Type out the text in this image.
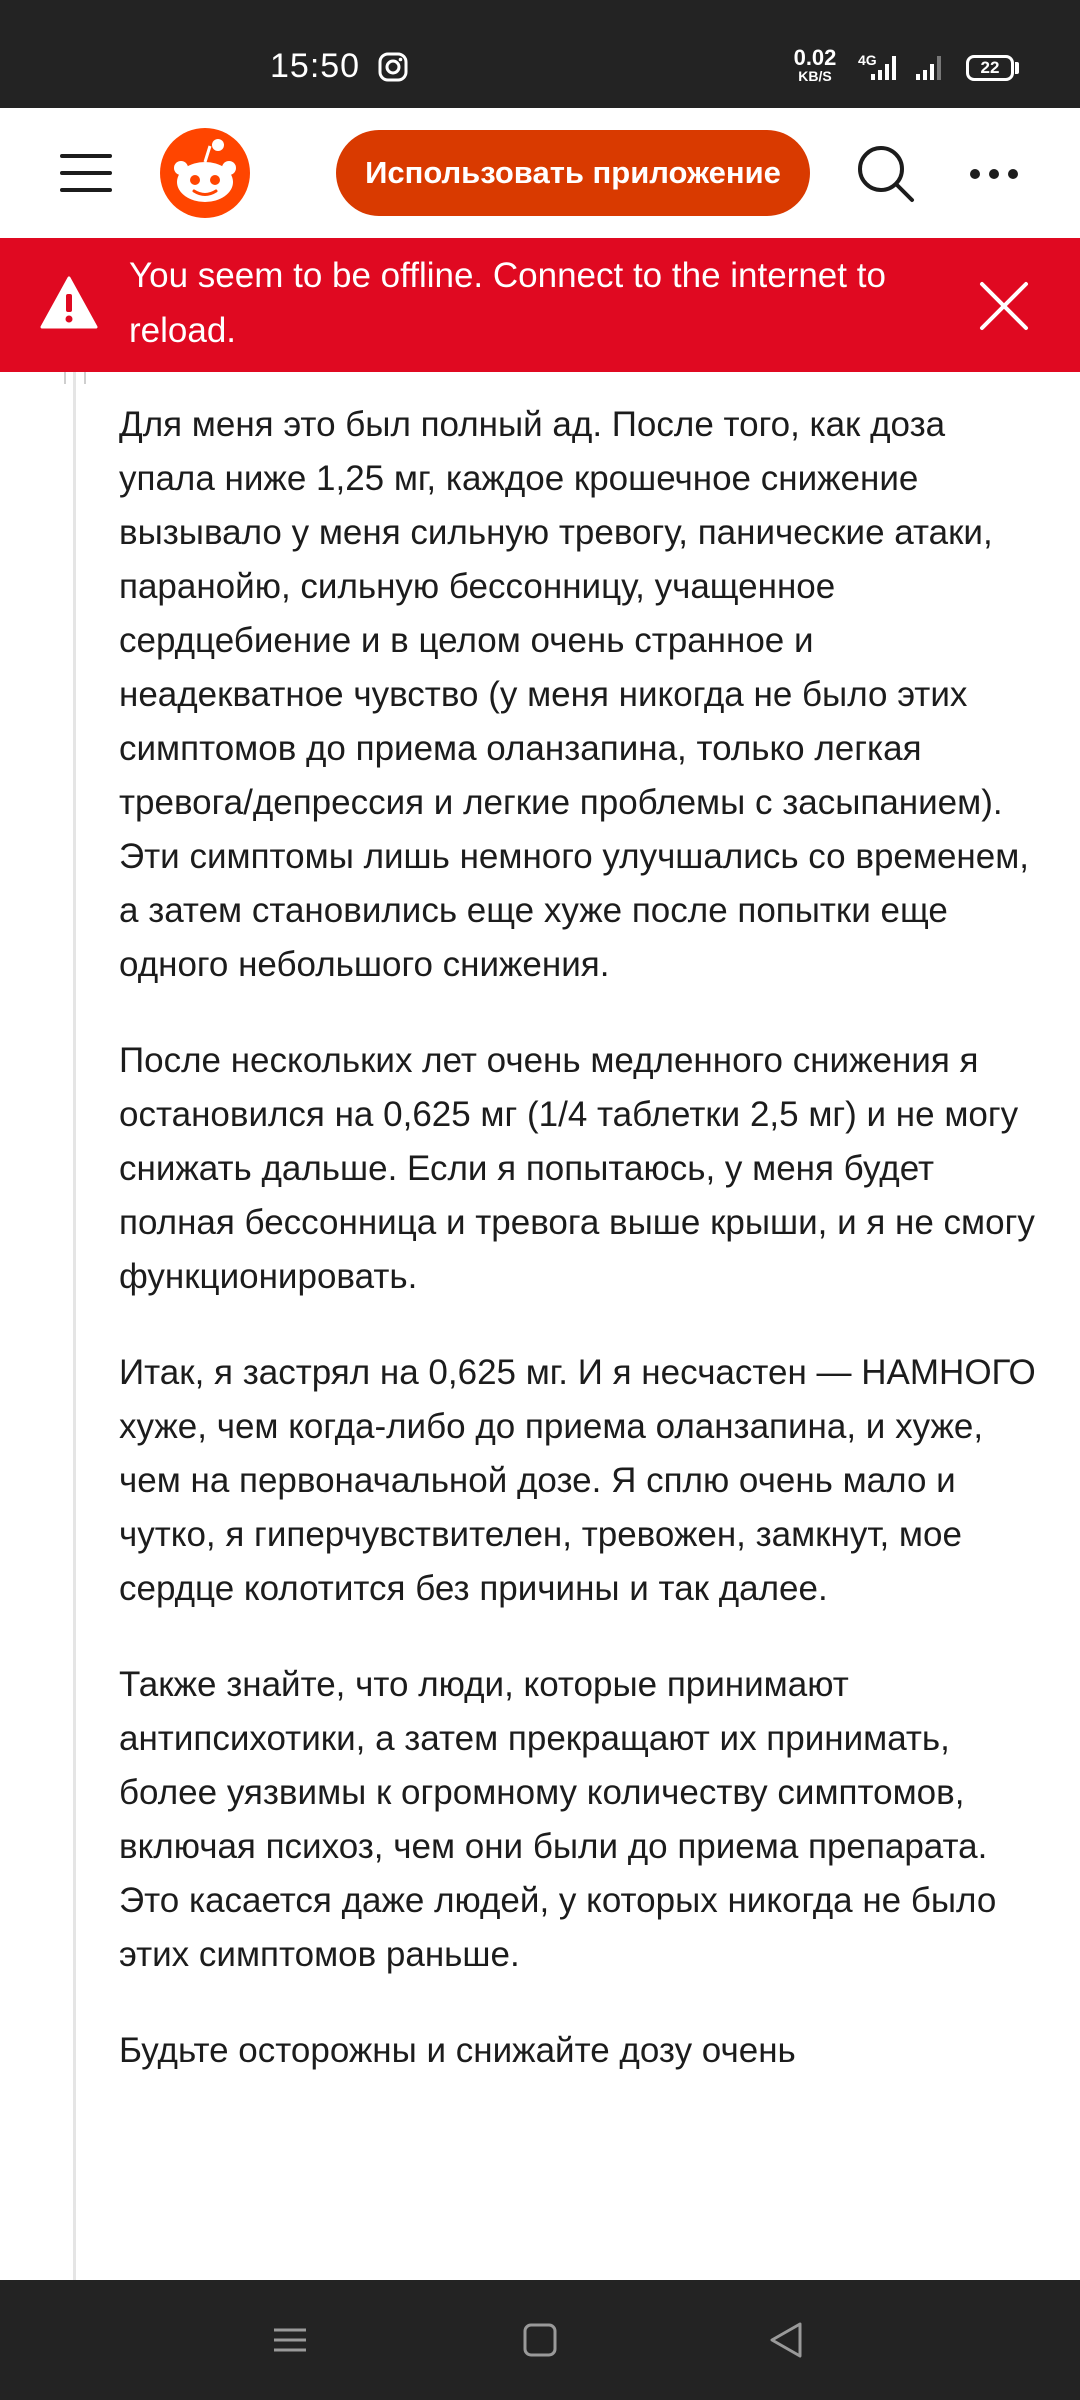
15:50	0.02
KB/S
4G	22
Использовать приложение
You seem to be offline. Connect to the internet to reload.

Для меня это был полный ад. После того, как доза упала ниже 1,25 мг, каждое крошечное снижение вызывало у меня сильную тревогу, панические атаки, паранойю, сильную бессонницу, учащенное сердцебиение и в целом очень странное и неадекватное чувство (у меня никогда не было этих симптомов до приема оланзапина, только легкая тревога/депрессия и легкие проблемы с засыпанием). Эти симптомы лишь немного улучшались со временем, а затем становились еще хуже после попытки еще одного небольшого снижения.

После нескольких лет очень медленного снижения я остановился на 0,625 мг (1/4 таблетки 2,5 мг) и не могу снижать дальше. Если я попытаюсь, у меня будет полная бессонница и тревога выше крыши, и я не смогу функционировать.

Итак, я застрял на 0,625 мг. И я несчастен — НАМНОГО хуже, чем когда-либо до приема оланзапина, и хуже, чем на первоначальной дозе. Я сплю очень мало и чутко, я гиперчувствителен, тревожен, замкнут, мое сердце колотится без причины и так далее.

Также знайте, что люди, которые принимают антипсихотики, а затем прекращают их принимать, более уязвимы к огромному количеству симптомов, включая психоз, чем они были до приема препарата. Это касается даже людей, у которых никогда не было этих симптомов раньше.

Будьте осторожны и снижайте дозу очень
